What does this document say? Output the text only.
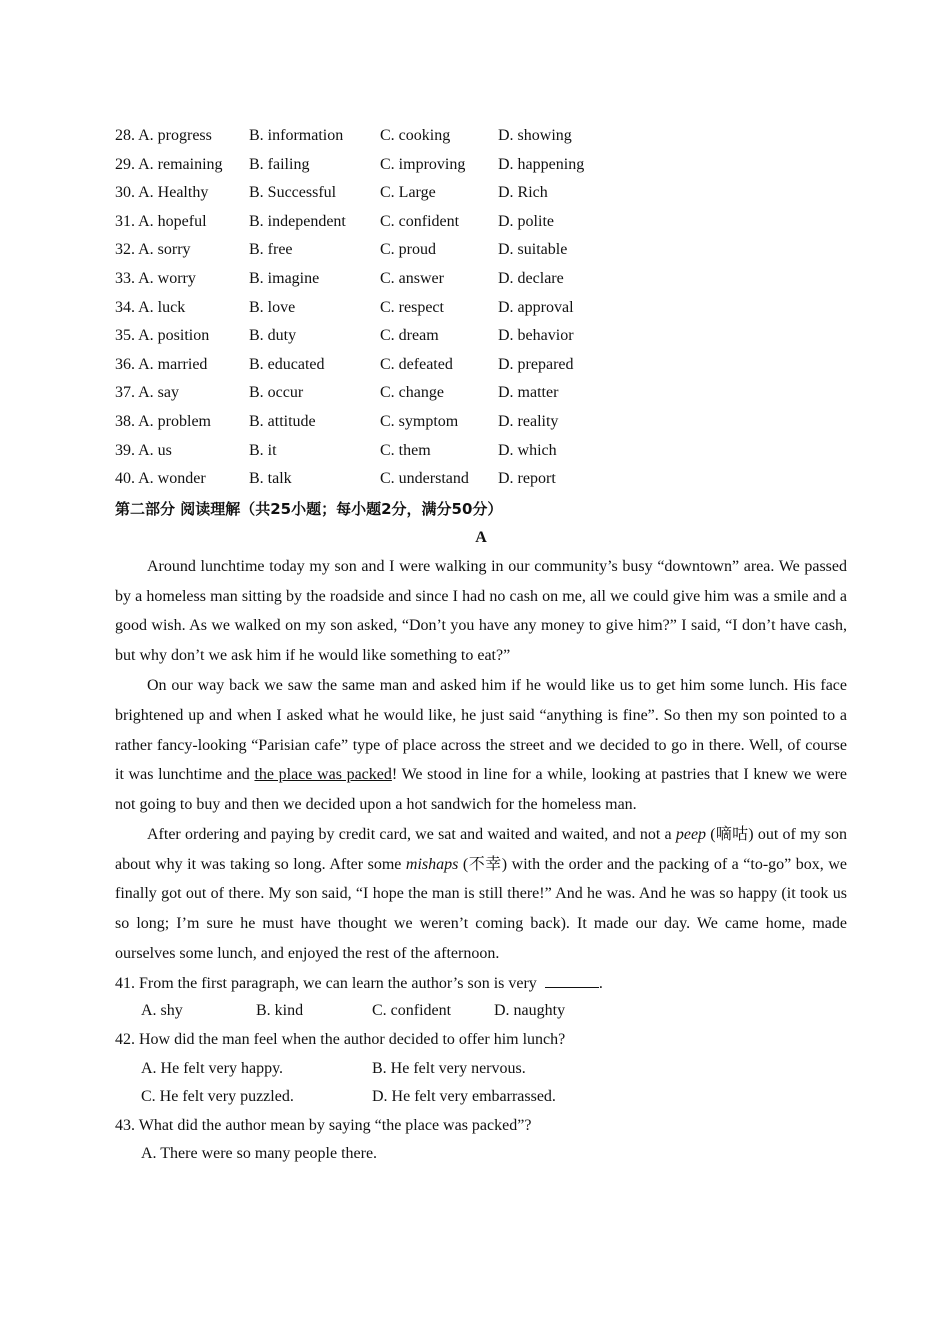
28. A. progress B. information C. cooking	D. showing
29. A. remaining B. failing	C. improving D. happening
30. A. Healthy	B. Successful	C. Large	D. Rich
31. A. hopeful	B. independent C. confident D. polite
32. A. sorry	B. free	C. proud	D. suitable
33. A. worry	B. imagine	C. answer	D. declare
34. A. luck	B. love	C. respect	D. approval
35. A. position B. duty	C. dream	D. behavior
36. A. married	B. educated	C. defeated	D. prepared
37. A. say	B. occur	C. change	D. matter
38. A. problem B. attitude	C. symptom D. reality
39. A. us	B. it	C. them	D. which
40. A. wonder	B. talk	C. understand D. report
第二部分 阅读理解（共25小题；每小题2分，满分50分）
A

Around lunchtime today my son and I were walking in our community’s busy “downtown” area. We passed by a homeless man sitting by the roadside and since I had no cash on me, all we could give him was a smile and a good wish. As we walked on my son asked, “Don’t you have any money to give him?” I said, “I don’t have cash, but why don’t we ask him if he would like something to eat?”

On our way back we saw the same man and asked him if he would like us to get him some lunch. His face brightened up and when I asked what he would like, he just said “anything is fine”. So then my son pointed to a rather fancy-looking “Parisian cafe” type of place across the street and we decided to go in there. Well, of course it was lunchtime and the place was packed! We stood in line for a while, looking at pastries that I knew we were not going to buy and then we decided upon a hot sandwich for the homeless man.

After ordering and paying by credit card, we sat and waited and waited, and not a peep (嘀咕) out of my son about why it was taking so long. After some mishaps (不幸) with the order and the packing of a “to-go” box, we finally got out of there. My son said, “I hope the man is still there!” And he was. And he was so happy (it took us so long; I’m sure he must have thought we weren’t coming back). It made our day. We came home, made ourselves some lunch, and enjoyed the rest of the afternoon.

41. From the first paragraph, we can learn the author’s son is very	.
A. shy	B. kind	C. confident	D. naughty
42. How did the man feel when the author decided to offer him lunch?
A. He felt very happy.	B. He felt very nervous.
C. He felt very puzzled.	D. He felt very embarrassed.
43. What did the author mean by saying “the place was packed”?
A. There were so many people there.
